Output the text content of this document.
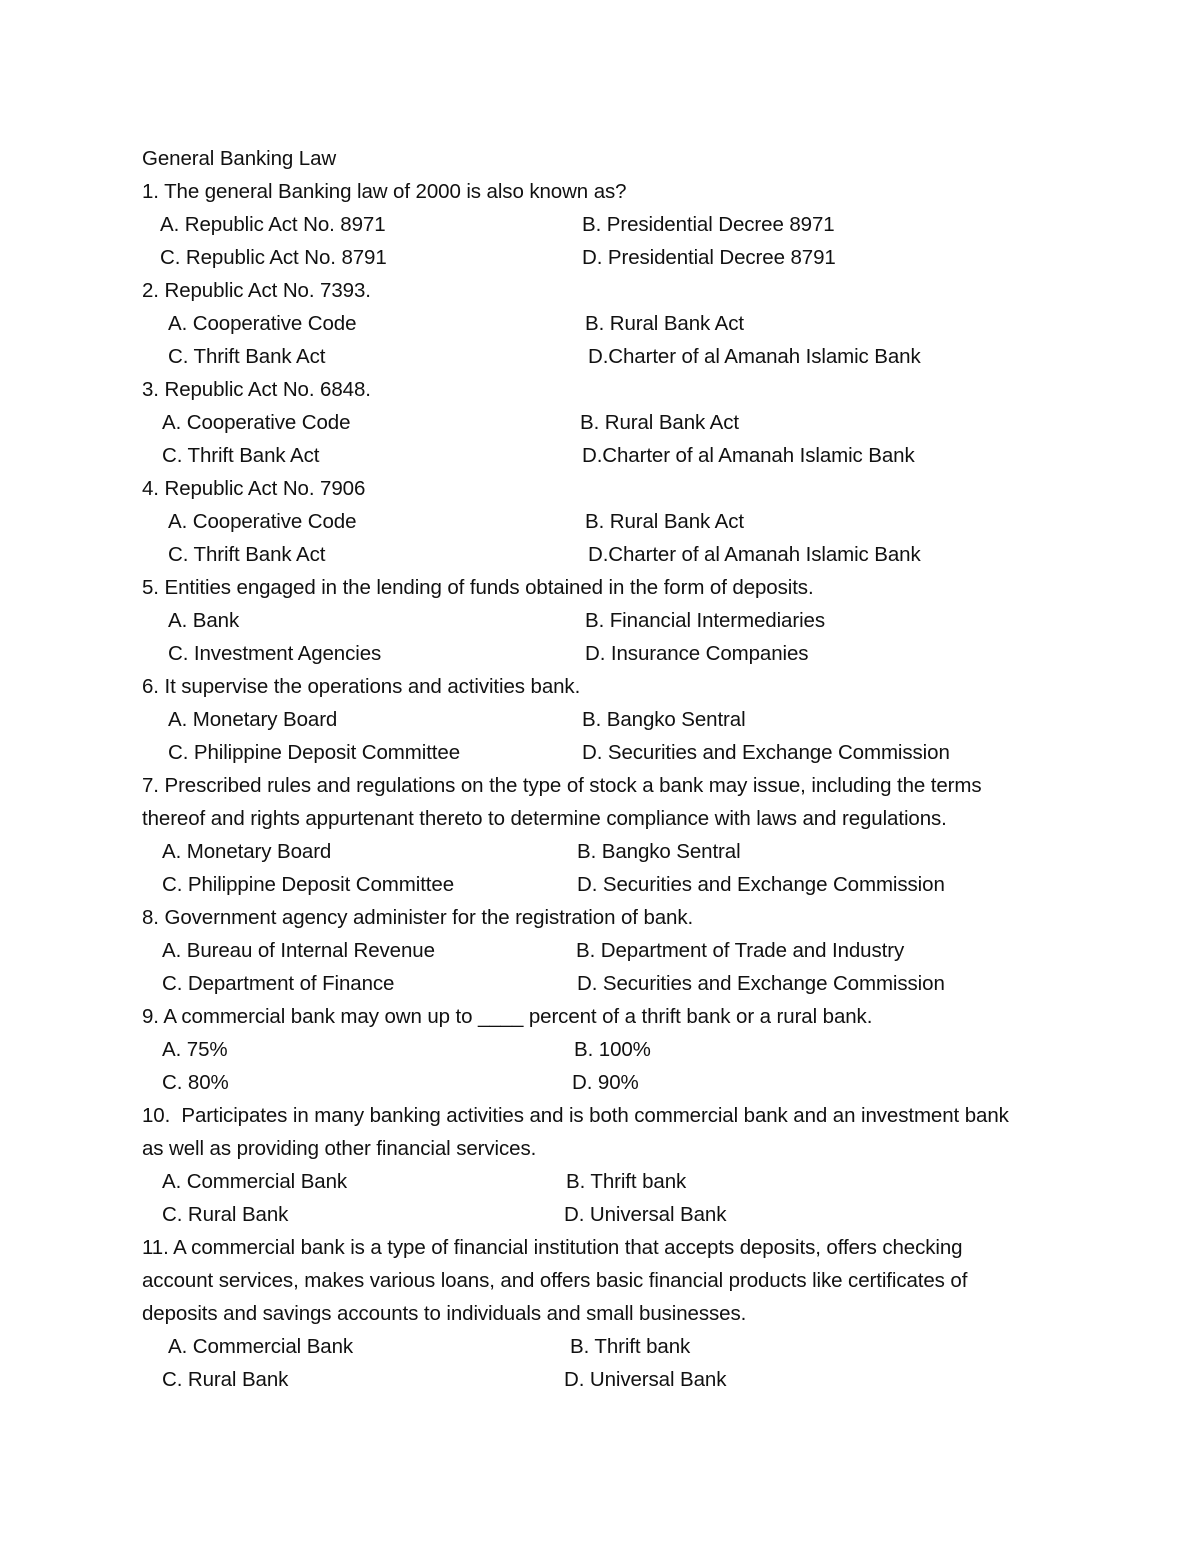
General Banking Law
1. The general Banking law of 2000 is also known as?
A. Republic Act No. 8971	B. Presidential Decree 8971
C. Republic Act No. 8791	D. Presidential Decree 8791
2. Republic Act No. 7393.
A. Cooperative Code	B. Rural Bank Act
C. Thrift Bank Act	D.Charter of al Amanah Islamic Bank
3. Republic Act No. 6848.
A. Cooperative Code	B. Rural Bank Act
C. Thrift Bank Act	D.Charter of al Amanah Islamic Bank
4. Republic Act No. 7906
A. Cooperative Code	B. Rural Bank Act
C. Thrift Bank Act	D.Charter of al Amanah Islamic Bank
5. Entities engaged in the lending of funds obtained in the form of deposits.
A. Bank	B. Financial Intermediaries
C. Investment Agencies	D. Insurance Companies
6. It supervise the operations and activities bank.
A. Monetary Board	B. Bangko Sentral
C. Philippine Deposit Committee	D. Securities and Exchange Commission
7. Prescribed rules and regulations on the type of stock a bank may issue, including the terms thereof and rights appurtenant thereto to determine compliance with laws and regulations.
A. Monetary Board	B. Bangko Sentral
C. Philippine Deposit Committee	D. Securities and Exchange Commission
8. Government agency administer for the registration of bank.
A. Bureau of Internal Revenue	B. Department of Trade and Industry
C. Department of Finance	D. Securities and Exchange Commission
9. A commercial bank may own up to ____ percent of a thrift bank or a rural bank.
A. 75%	B. 100%
C. 80%	D. 90%
10.  Participates in many banking activities and is both commercial bank and an investment bank as well as providing other financial services.
A. Commercial Bank	B. Thrift bank
C. Rural Bank	D. Universal Bank
11. A commercial bank is a type of financial institution that accepts deposits, offers checking account services, makes various loans, and offers basic financial products like certificates of deposits and savings accounts to individuals and small businesses.
A. Commercial Bank	B. Thrift bank
C. Rural Bank	D. Universal Bank
